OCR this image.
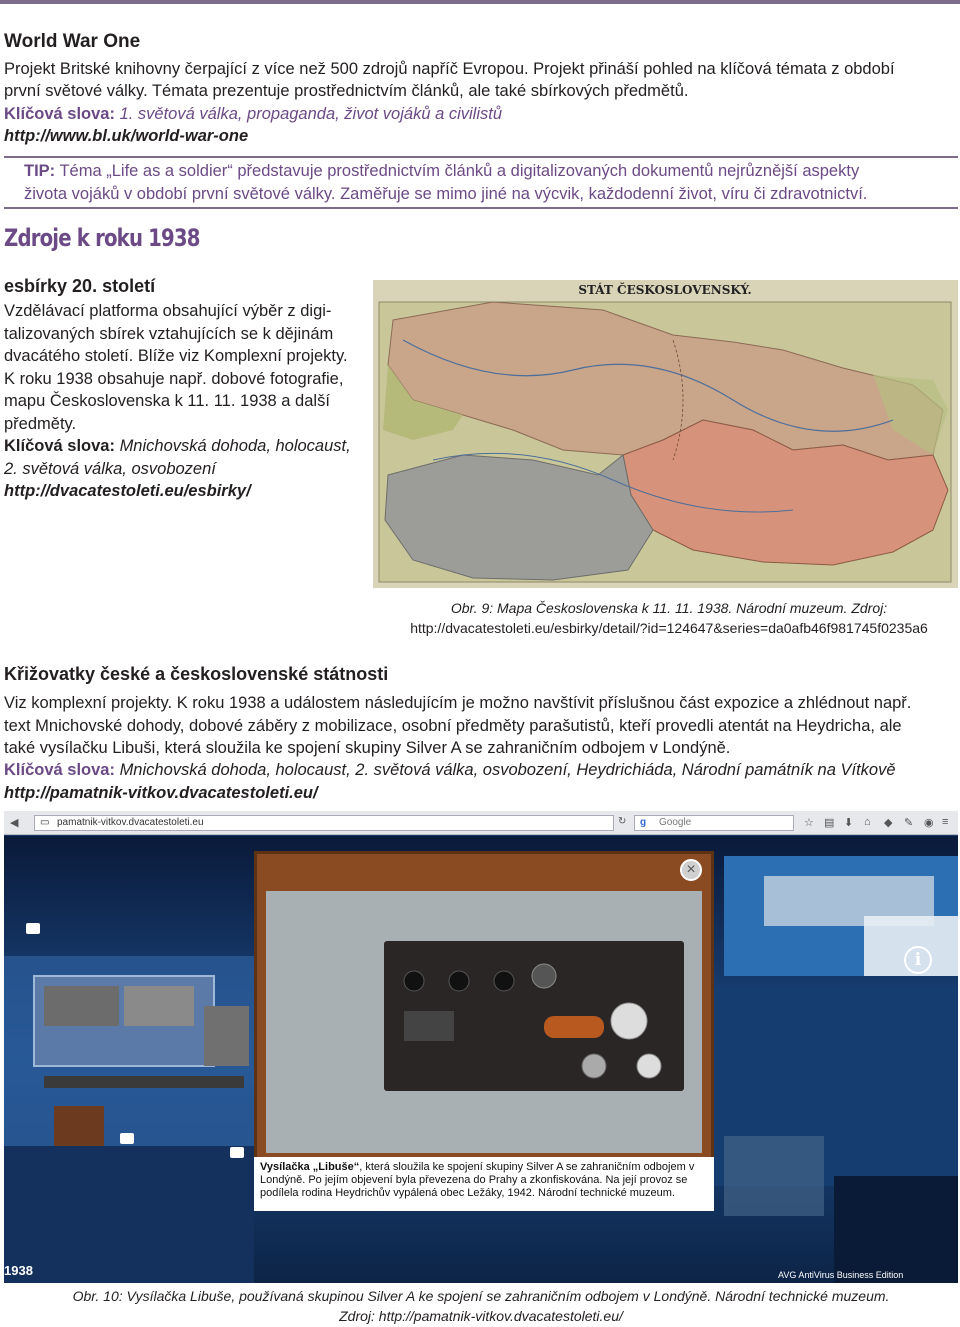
World War One
Projekt Britské knihovny čerpající z více než 500 zdrojů napříč Evropou. Projekt přináší pohled na klíčová témata z období
první světové války. Témata prezentuje prostřednictvím článků, ale také sbírkových předmětů.
Klíčová slova: 1. světová válka, propaganda, život vojáků a civilistů
http://www.bl.uk/world-war-one
TIP: Téma „Life as a soldier“ představuje prostřednictvím článků a digitalizovaných dokumentů nejrůznější aspekty
života vojáků v období první světové války. Zaměřuje se mimo jiné na výcvik, každodenní život, víru či zdravotnictví.
Zdroje k roku 1938
esbírky 20. století
Vzdělávací platforma obsahující výběr z digi-
talizovaných sbírek vztahujících se k dějinám
dvacátého století. Blíže viz Komplexní projekty.
K roku 1938 obsahuje např. dobové fotografie,
mapu Československa k 11. 11. 1938 a další
předměty.
Klíčová slova: Mnichovská dohoda, holocaust,
2. světová válka, osvobození
http://dvacatestoleti.eu/esbirky/
STÁT ČESKOSLOVENSKÝ.
Obr. 9: Mapa Československa k 11. 11. 1938. Národní muzeum. Zdroj:
http://dvacatestoleti.eu/esbirky/detail/?id=124647&series=da0afb46f981745f0235a6
Křižovatky české a československé státnosti
Viz komplexní projekty. K roku 1938 a událostem následujícím je možno navštívit příslušnou část expozice a zhlédnout např.
text Mnichovské dohody, dobové záběry z mobilizace, osobní předměty parašutistů, kteří provedli atentát na Heydricha, ale
také vysílačku Libuši, která sloužila ke spojení skupiny Silver A se zahraničním odbojem v Londýně.
Klíčová slova: Mnichovská dohoda, holocaust, 2. světová válka, osvobození, Heydrichiáda, Národní památník na Vítkově
http://pamatnik-vitkov.dvacatestoleti.eu/
◀ ▭ pamatnik-vitkov.dvacatestoleti.eu	↻ g Google	☆ ▤ ⬇ ⌂ ◆ ✎ ◉ ≡
×
i
Vysílačka „Libuše“, která sloužila ke spojení skupiny Silver A se zahraničním odbojem v Londýně. Po jejím objevení byla převezena do Prahy a zkonfiskována. Na její provoz se podílela rodina Heydrichův vypálená obec Ležáky, 1942. Národní technické muzeum.
1938	AVG AntiVirus Business Edition
Obr. 10: Vysílačka Libuše, používaná skupinou Silver A ke spojení se zahraničním odbojem v Londýně. Národní technické muzeum.
Zdroj: http://pamatnik-vitkov.dvacatestoleti.eu/
